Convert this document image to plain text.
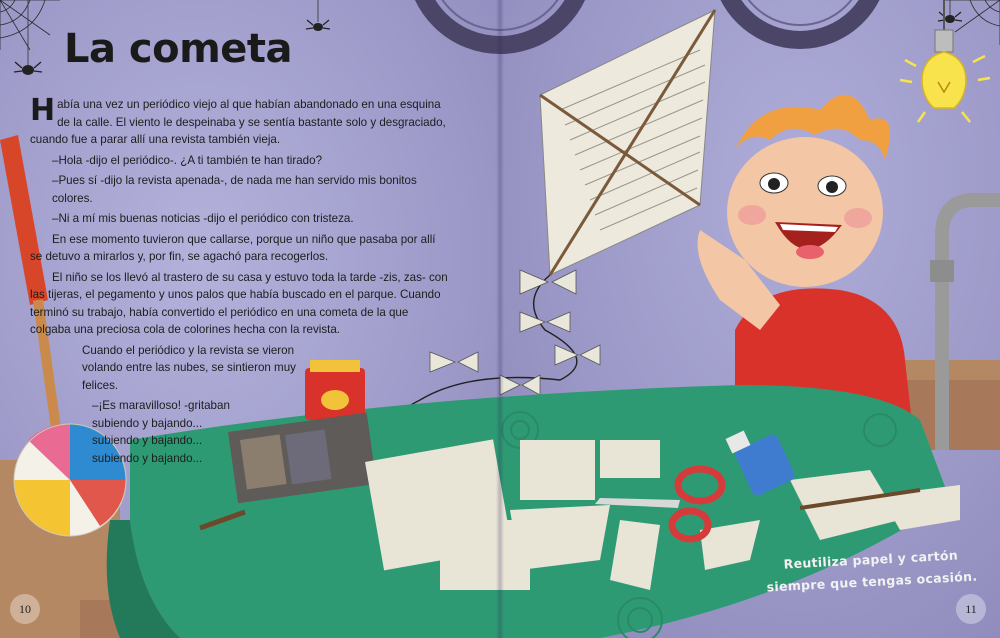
La cometa

Había una vez un periódico viejo al que habían abandonado en una esquina de la calle. El viento le despeinaba y se sentía bastante solo y desgraciado, cuando fue a parar allí una revista también vieja.

–Hola -dijo el periódico-. ¿A ti también te han tirado?

–Pues sí -dijo la revista apenada-, de nada me han servido mis bonitos colores.

–Ni a mí mis buenas noticias -dijo el periódico con tristeza.

En ese momento tuvieron que callarse, porque un niño que pasaba por allí se detuvo a mirarlos y, por fin, se agachó para recogerlos.

El niño se los llevó al trastero de su casa y estuvo toda la tarde -zis, zas- con las tijeras, el pegamento y unos palos que había buscado en el parque. Cuando terminó su trabajo, había convertido el periódico en una cometa de la que colgaba una preciosa cola de colorines hecha con la revista.

Cuando el periódico y la revista se vieron volando entre las nubes, se sintieron muy felices.

–¡Es maravilloso! -gritaban subiendo y bajando... subiendo y bajando... subiendo y bajando...

Reutiliza papel y cartón
siempre que tengas ocasión.
10	11
